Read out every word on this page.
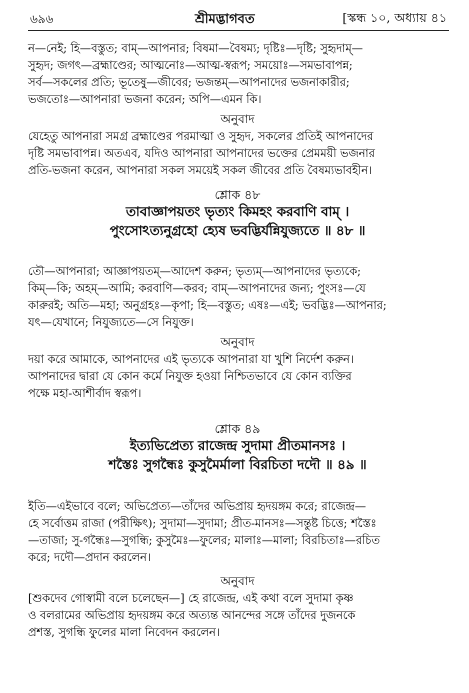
৬৯৬	শ্রীমদ্ভাগবত	[স্কন্ধ ১০, অধ্যায় ৪১
ন—নেই; হি—বস্তুত; বাম্—আপনার; বিষমা—বৈষম্য; দৃষ্টিঃ—দৃষ্টি; সুহৃদাম্—
সুহৃদ; জগৎ—ব্রহ্মাণ্ডের; আত্মনোঃ—আত্ম-স্বরূপ; সময়োঃ—সমভাবাপন্ন;
সর্ব—সকলের প্রতি; ভূতেষু—জীবের; ভজন্তম্—আপনাদের ভজনাকারীর;
ভজতোঃ—আপনারা ভজনা করেন; অপি—এমন কি।
অনুবাদ
যেহেতু আপনারা সমগ্র ব্রহ্মাণ্ডের পরমাত্মা ও সুহৃদ, সকলের প্রতিই আপনাদের
দৃষ্টি সমভাবাপন্ন। অতএব, যদিও আপনারা আপনাদের ভক্তের প্রেমময়ী ভজনার
প্রতি-ভজনা করেন, আপনারা সকল সময়েই সকল জীবের প্রতি বৈষম্যভাবহীন।
শ্লোক ৪৮
তাবাজ্ঞাপয়তং ভৃত্যং কিমহং করবাণি বাম্ ।
পুংসোঽত্যনুগ্রহো হ্যেষ ভবদ্ভির্যন্নিযুজ্যতে ॥ ৪৮ ॥
তৌ—আপনারা; আজ্ঞাপয়তম্—আদেশ করুন; ভৃত্যম্—আপনাদের ভৃত্যকে;
কিম্—কি; অহম্—আমি; করবাণি—করব; বাম্—আপনাদের জন্য; পুংসঃ—যে
কারুরই; অতি—মহা; অনুগ্রহঃ—কৃপা; হি—বস্তুত; এষঃ—এই; ভবদ্ভিঃ—আপনার;
যৎ—যেখানে; নিযুজ্যতে—সে নিযুক্ত।
অনুবাদ
দয়া করে আমাকে, আপনাদের এই ভৃত্যকে আপনারা যা খুশি নির্দেশ করুন।
আপনাদের দ্বারা যে কোন কর্মে নিযুক্ত হওয়া নিশ্চিতভাবে যে কোন ব্যক্তির
পক্ষে মহা-আশীর্বাদ স্বরূপ।
শ্লোক ৪৯
ইত্যভিপ্রেত্য রাজেন্দ্র সুদামা প্রীতমানসঃ ।
শস্তৈঃ সুগন্ধৈঃ কুসুমৈর্মালা বিরচিতা দদৌ ॥ ৪৯ ॥
ইতি—এইভাবে বলে; অভিপ্রেত্য—তাঁদের অভিপ্রায় হৃদয়ঙ্গম করে; রাজেন্দ্র—
হে সর্বোত্তম রাজা (পরীক্ষিৎ); সুদামা—সুদামা; প্রীত-মানসঃ—সন্তুষ্ট চিত্তে; শস্তৈঃ
—তাজা; সু-গন্ধৈঃ—সুগন্ধি; কুসুমৈঃ—ফুলের; মালাঃ—মালা; বিরচিতাঃ—রচিত
করে; দদৌ—প্রদান করলেন।
অনুবাদ
[শুকদেব গোস্বামী বলে চলেছেন—] হে রাজেন্দ্র, এই কথা বলে সুদামা কৃষ্ণ
ও বলরামের অভিপ্রায় হৃদয়ঙ্গম করে অত্যন্ত আনন্দের সঙ্গে তাঁদের দুজনকে
প্রশস্ত, সুগন্ধি ফুলের মালা নিবেদন করলেন।
